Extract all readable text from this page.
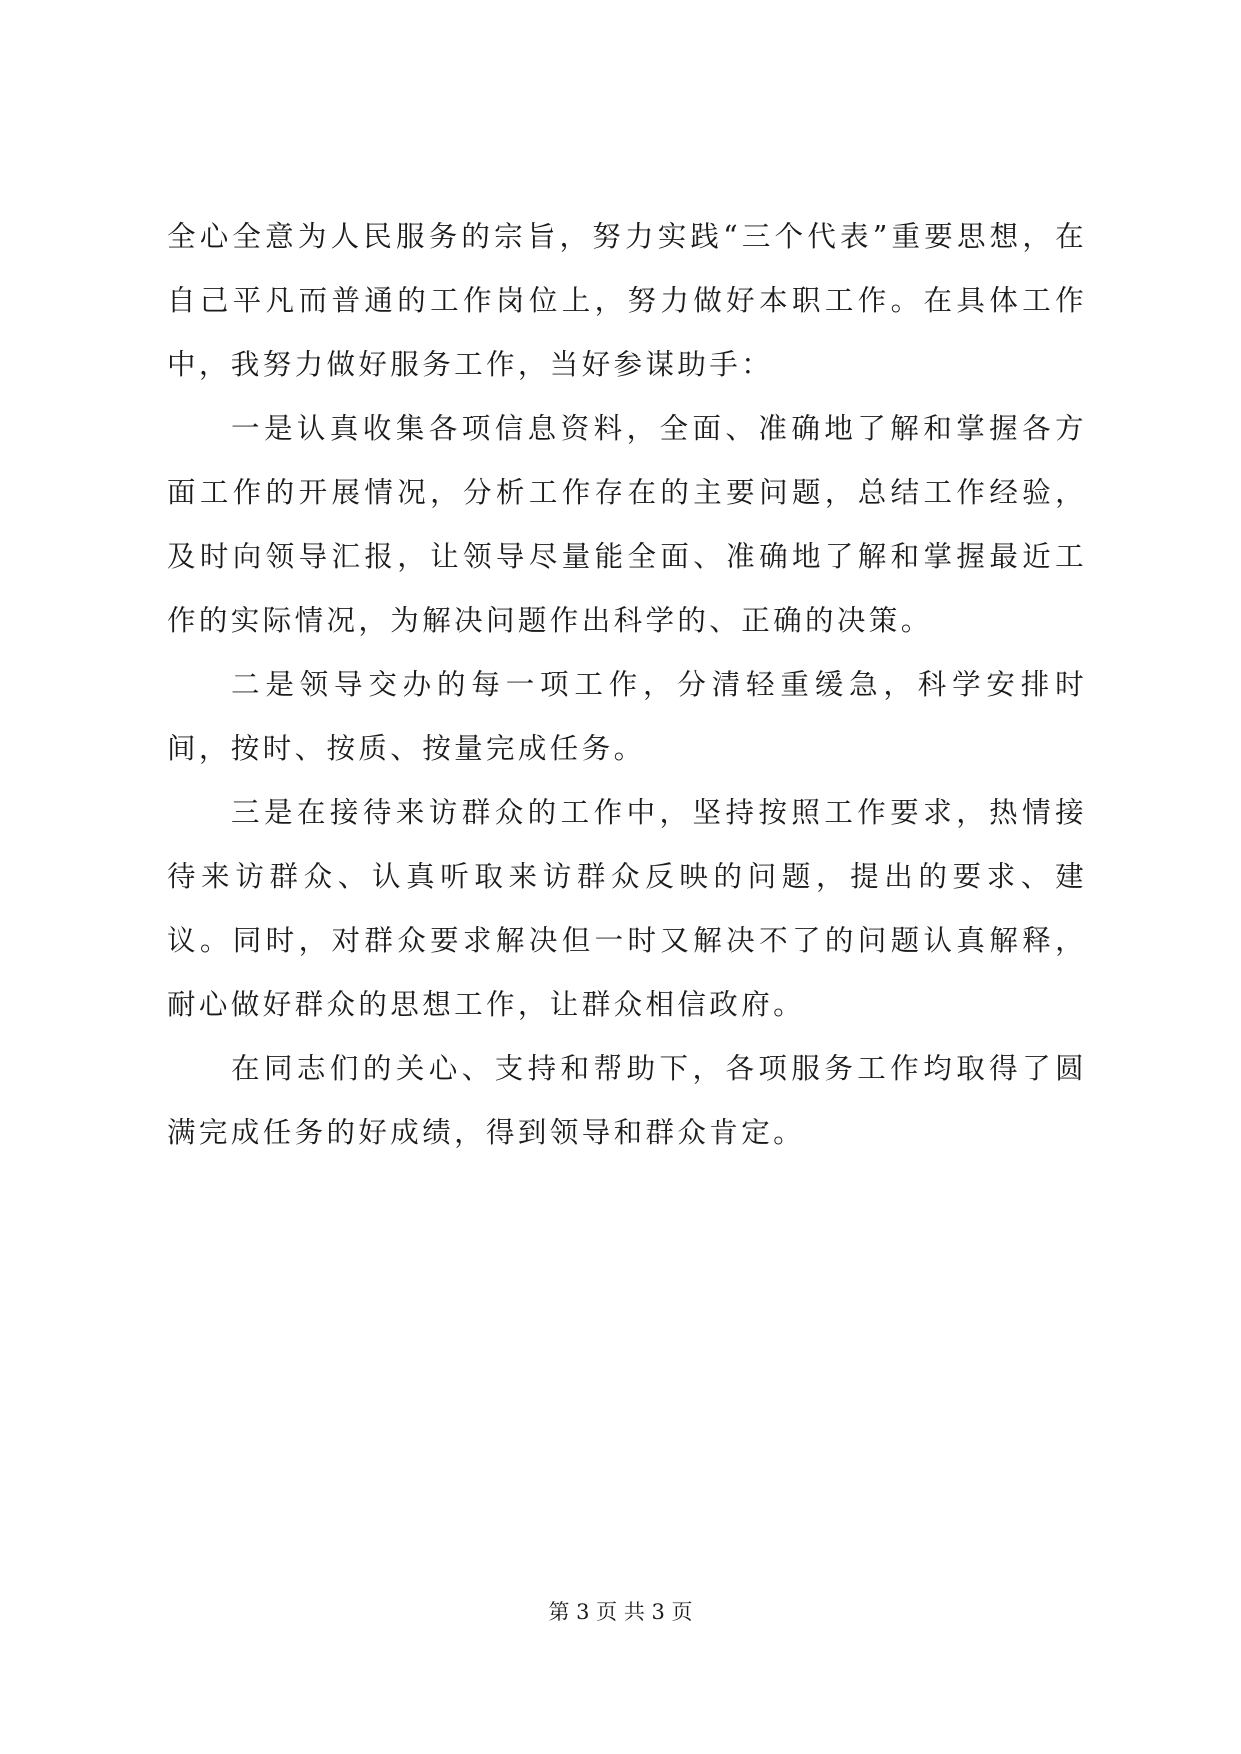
全心全意为人民服务的宗旨，努力实践“三个代表”重要思想，在自己平凡而普通的工作岗位上，努力做好本职工作。在具体工作中，我努力做好服务工作，当好参谋助手：

一是认真收集各项信息资料，全面、准确地了解和掌握各方面工作的开展情况，分析工作存在的主要问题，总结工作经验，及时向领导汇报，让领导尽量能全面、准确地了解和掌握最近工作的实际情况，为解决问题作出科学的、正确的决策。

二是领导交办的每一项工作，分清轻重缓急，科学安排时间，按时、按质、按量完成任务。

三是在接待来访群众的工作中，坚持按照工作要求，热情接待来访群众、认真听取来访群众反映的问题，提出的要求、建议。同时，对群众要求解决但一时又解决不了的问题认真解释，耐心做好群众的思想工作，让群众相信政府。

在同志们的关心、支持和帮助下，各项服务工作均取得了圆满完成任务的好成绩，得到领导和群众肯定。

第 3 页 共 3 页
